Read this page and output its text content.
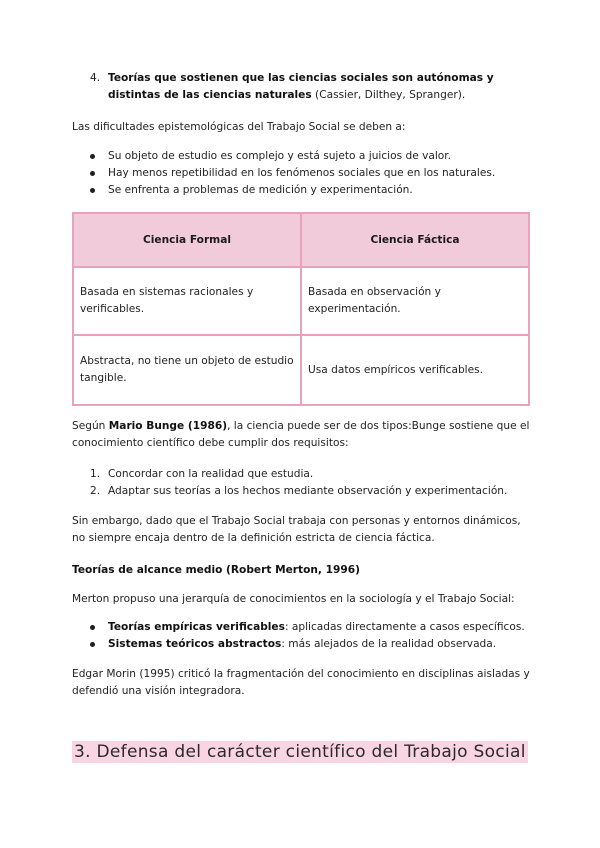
4. Teorías que sostienen que las ciencias sociales son autónomas y distintas de las ciencias naturales (Cassier, Dilthey, Spranger).

Las dificultades epistemológicas del Trabajo Social se deben a:

Su objeto de estudio es complejo y está sujeto a juicios de valor.
Hay menos repetibilidad en los fenómenos sociales que en los naturales.
Se enfrenta a problemas de medición y experimentación.
Ciencia Formal	Ciencia Fáctica
Basada en sistemas racionales y verificables.	Basada en observación y experimentación.
Abstracta, no tiene un objeto de estudio tangible.	Usa datos empíricos verificables.

Según Mario Bunge (1986), la ciencia puede ser de dos tipos:Bunge sostiene que el conocimiento científico debe cumplir dos requisitos:

1. Concordar con la realidad que estudia.
2. Adaptar sus teorías a los hechos mediante observación y experimentación.

Sin embargo, dado que el Trabajo Social trabaja con personas y entornos dinámicos, no siempre encaja dentro de la definición estricta de ciencia fáctica.

Teorías de alcance medio (Robert Merton, 1996)

Merton propuso una jerarquía de conocimientos en la sociología y el Trabajo Social:

Teorías empíricas verificables: aplicadas directamente a casos específicos.
Sistemas teóricos abstractos: más alejados de la realidad observada.

Edgar Morin (1995) criticó la fragmentación del conocimiento en disciplinas aisladas y defendió una visión integradora.

3. Defensa del carácter científico del Trabajo Social
